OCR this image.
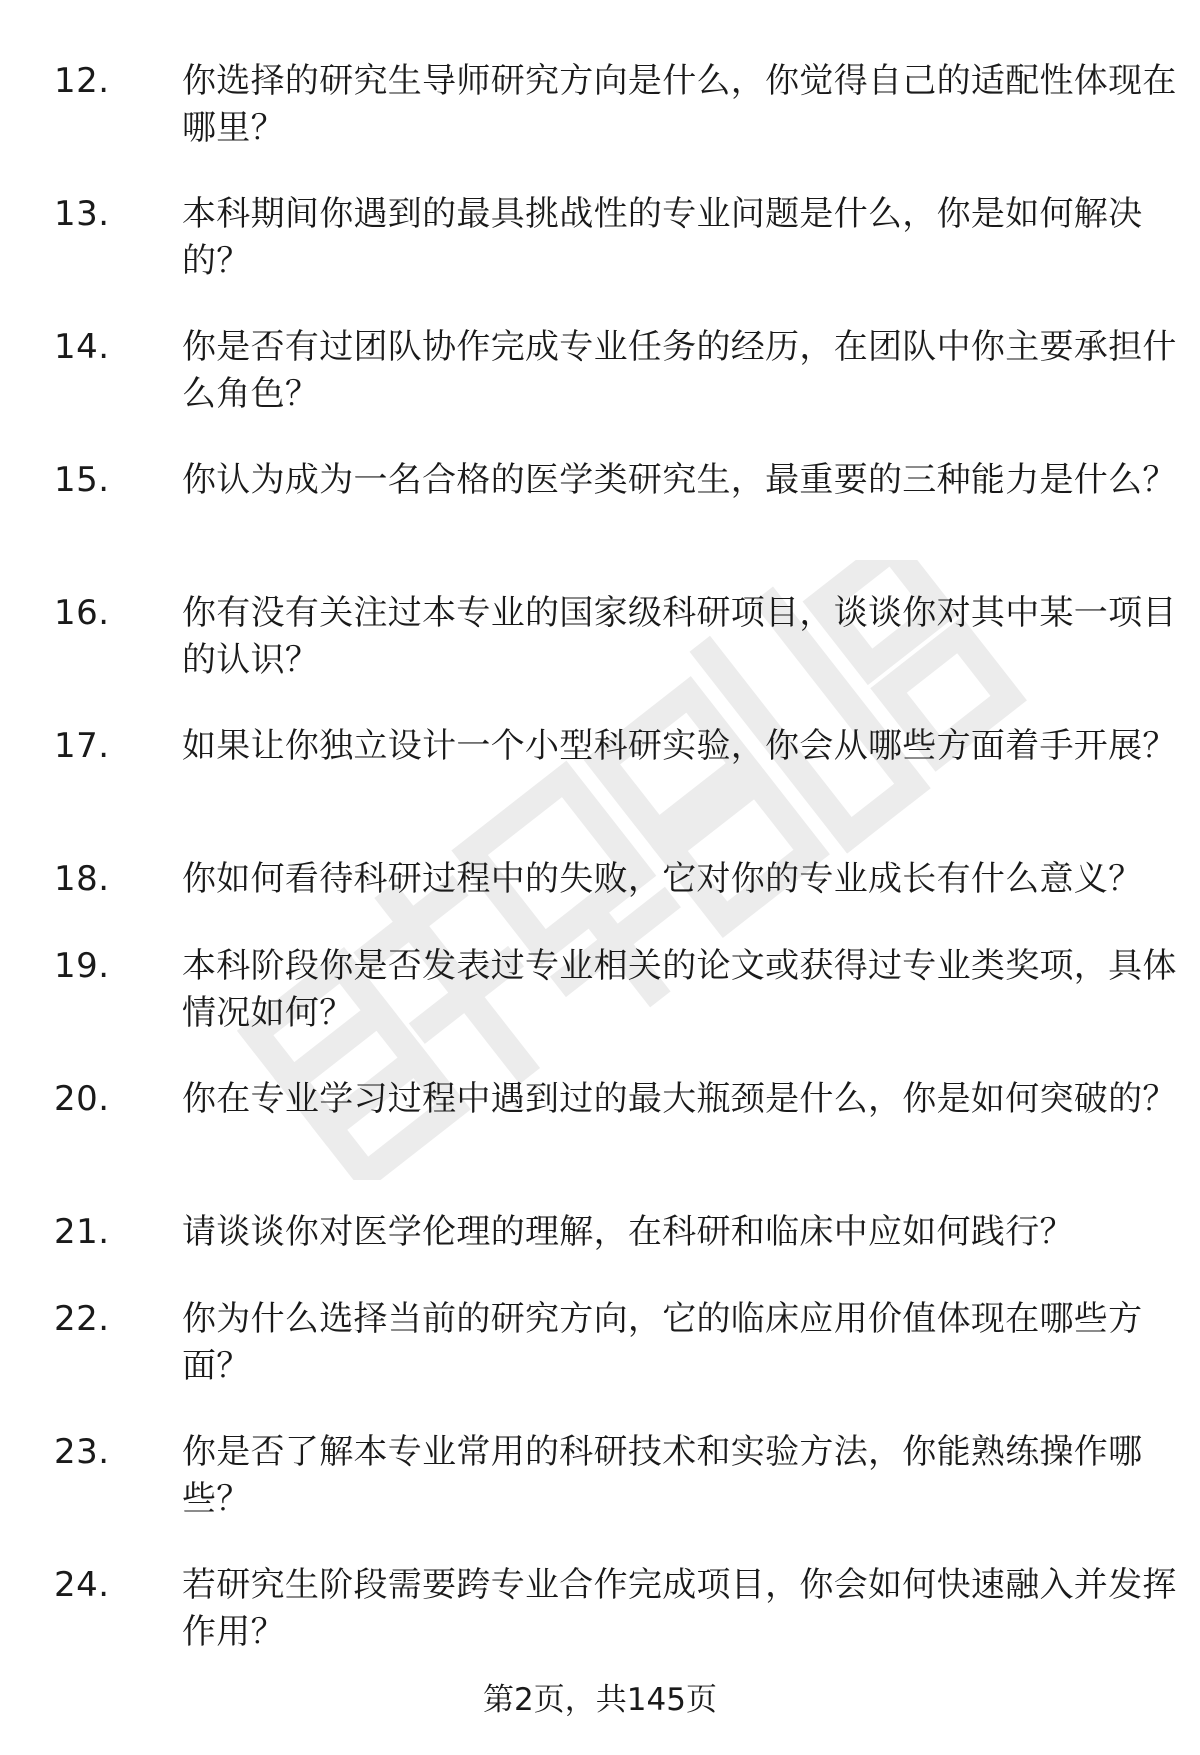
12.	你选择的研究生导师研究方向是什么，你觉得自己的适配性体现在哪里？
13.	本科期间你遇到的最具挑战性的专业问题是什么，你是如何解决的？
14.	你是否有过团队协作完成专业任务的经历，在团队中你主要承担什么角色？
15.	你认为成为一名合格的医学类研究生，最重要的三种能力是什么？
16.	你有没有关注过本专业的国家级科研项目，谈谈你对其中某一项目的认识？
17.	如果让你独立设计一个小型科研实验，你会从哪些方面着手开展？
18.	你如何看待科研过程中的失败，它对你的专业成长有什么意义？
19.	本科阶段你是否发表过专业相关的论文或获得过专业类奖项，具体情况如何？
20.	你在专业学习过程中遇到过的最大瓶颈是什么，你是如何突破的？
21.	请谈谈你对医学伦理的理解，在科研和临床中应如何践行？
22.	你为什么选择当前的研究方向，它的临床应用价值体现在哪些方面？
23.	你是否了解本专业常用的科研技术和实验方法，你能熟练操作哪些？
24.	若研究生阶段需要跨专业合作完成项目，你会如何快速融入并发挥作用？
第2页，共145页
